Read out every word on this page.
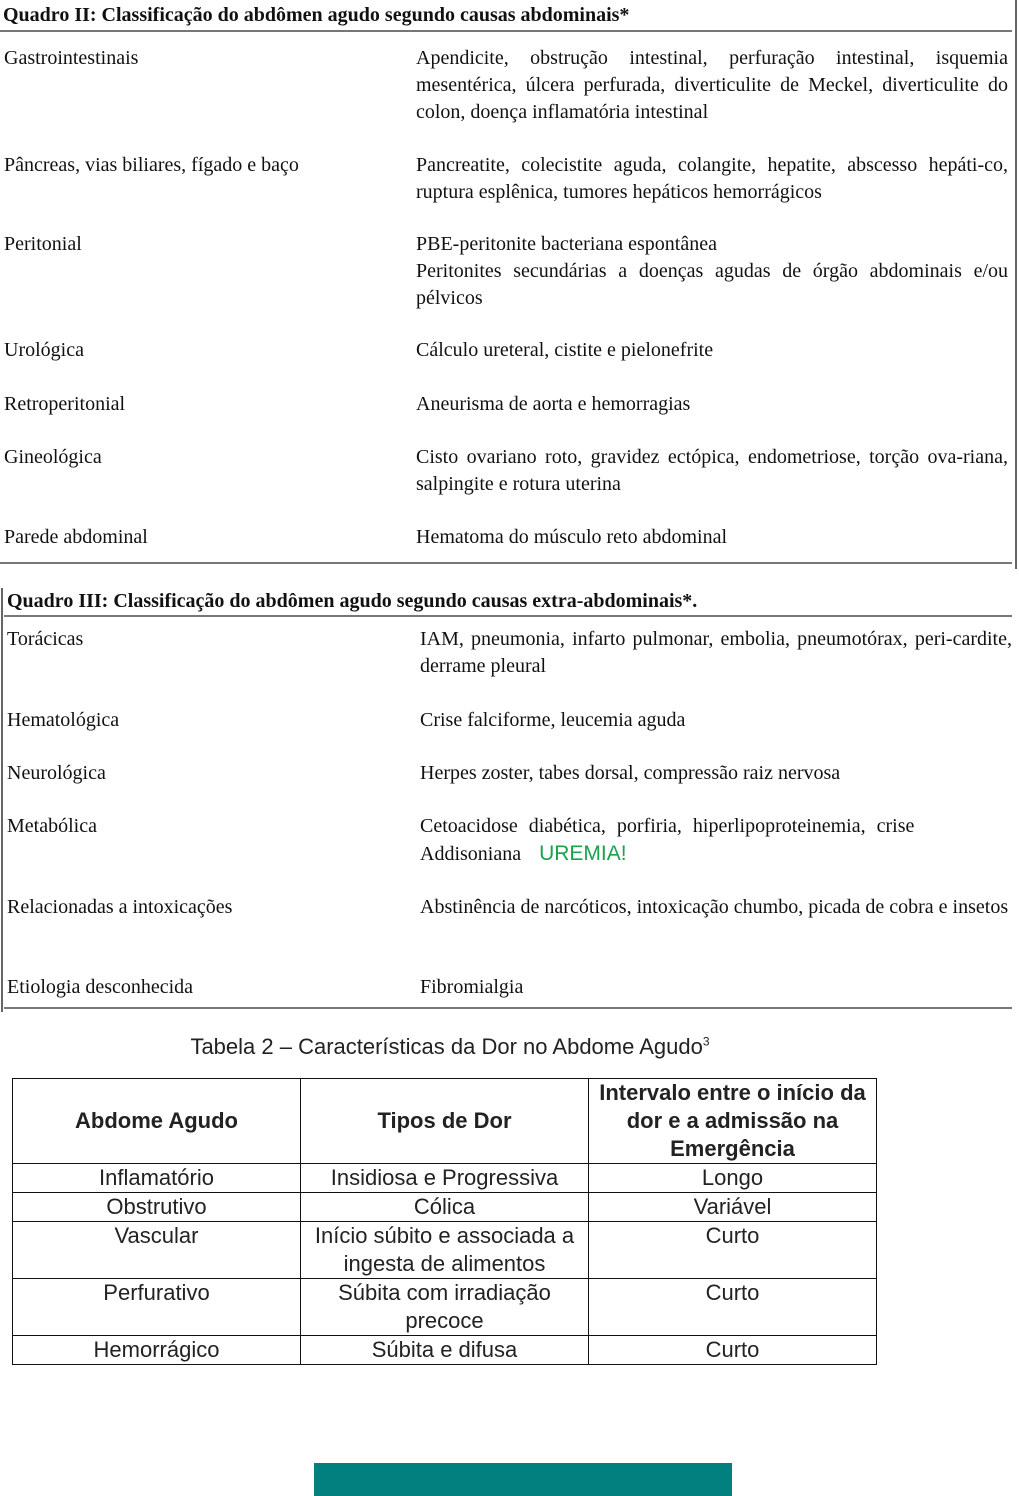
Quadro II: Classificação do abdômen agudo segundo causas abdominais*
Gastrointestinais	Apendicite, obstrução intestinal, perfuração intestinal, isquemia mesentérica, úlcera perfurada, diverticulite de Meckel, diverticulite do colon, doença inflamatória intestinal
Pâncreas, vias biliares, fígado e baço	Pancreatite, colecistite aguda, colangite, hepatite, abscesso hepáti-co, ruptura esplênica, tumores hepáticos hemorrágicos
Peritonial	PBE-peritonite bacteriana espontânea
Peritonites secundárias a doenças agudas de órgão abdominais e/ou pélvicos
Urológica	Cálculo ureteral, cistite e pielonefrite
Retroperitonial	Aneurisma de aorta e hemorragias
Gineológica	Cisto ovariano roto, gravidez ectópica, endometriose, torção ova-riana, salpingite e rotura uterina
Parede abdominal	Hematoma do músculo reto abdominal
Quadro III: Classificação do abdômen agudo segundo causas extra-abdominais*.
Torácicas	IAM, pneumonia, infarto pulmonar, embolia, pneumotórax, peri-cardite, derrame pleural
Hematológica	Crise falciforme, leucemia aguda
Neurológica	Herpes zoster, tabes dorsal, compressão raiz nervosa
Metabólica	Cetoacidose diabética, porfiria, hiperlipoproteinemia, crise Addisoniana UREMIA!
Relacionadas a intoxicações	Abstinência de narcóticos, intoxicação chumbo, picada de cobra e insetos
Etiologia desconhecida	Fibromialgia
Tabela 2 – Características da Dor no Abdome Agudo$^3$
Abdome Agudo	Tipos de Dor	Intervalo entre o início da dor e a admissão na Emergência
Inflamatório	Insidiosa e Progressiva	Longo
Obstrutivo	Cólica	Variável
Vascular	Início súbito e associada a ingesta de alimentos	Curto
Perfurativo	Súbita com irradiação precoce	Curto
Hemorrágico	Súbita e difusa	Curto
